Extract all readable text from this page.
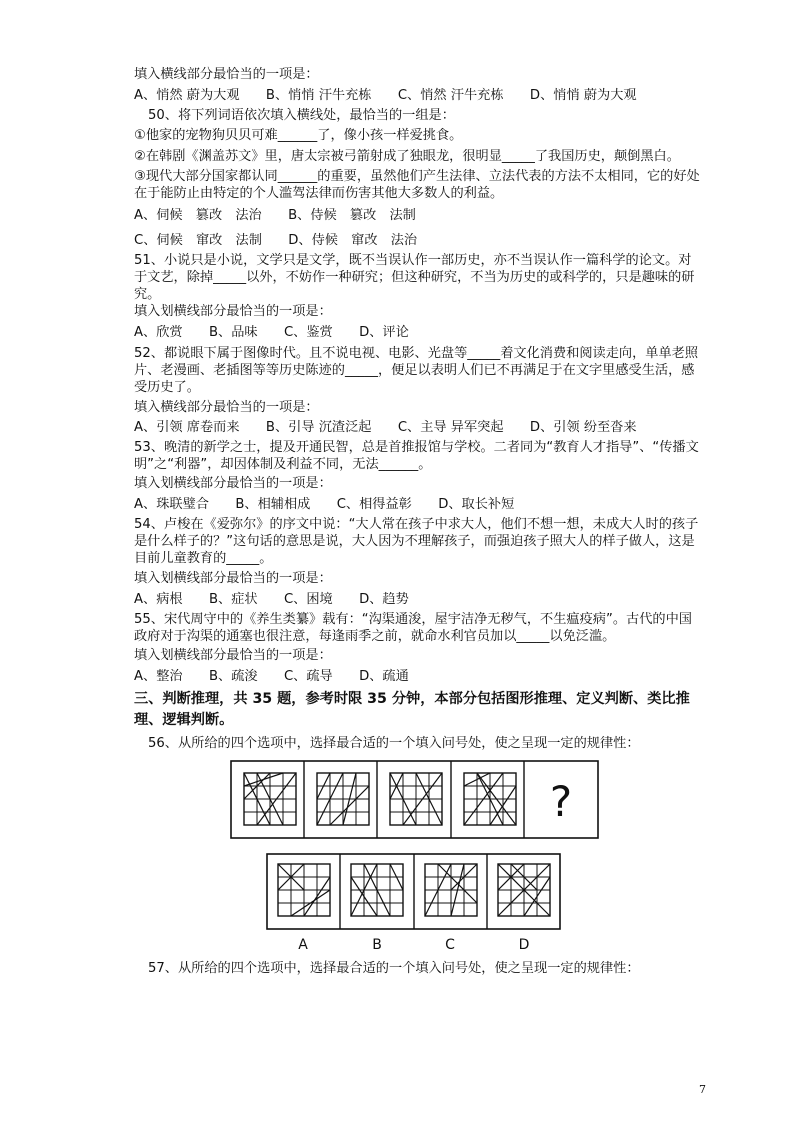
填入横线部分最恰当的一项是：
A、悄然 蔚为大观　　B、悄悄 汗牛充栋　　C、悄然 汗牛充栋　　D、悄悄 蔚为大观
50、将下列词语依次填入横线处，最恰当的一组是：
①他家的宠物狗贝贝可难______了，像小孩一样爱挑食。
②在韩剧《渊盖苏文》里，唐太宗被弓箭射成了独眼龙，很明显_____了我国历史，颠倒黑白。
③现代大部分国家都认同______的重要，虽然他们产生法律、立法代表的方法不太相同，它的好处在于能防止由特定的个人滥驾法律而伤害其他大多数人的利益。
A、伺候　篡改　法治　　B、侍候　篡改　法制
C、伺候　窜改　法制　　D、侍候　窜改　法治
51、小说只是小说，文学只是文学，既不当误认作一部历史，亦不当误认作一篇科学的论文。对于文艺，除掉_____以外，不妨作一种研究；但这种研究，不当为历史的或科学的，只是趣味的研究。
填入划横线部分最恰当的一项是：
A、欣赏　　B、品味　　C、鉴赏　　D、评论
52、都说眼下属于图像时代。且不说电视、电影、光盘等_____着文化消费和阅读走向，单单老照片、老漫画、老插图等等历史陈迹的_____，便足以表明人们已不再满足于在文字里感受生活，感受历史了。
填入横线部分最恰当的一项是：
A、引领 席卷而来　　B、引导 沉渣泛起　　C、主导 异军突起　　D、引领 纷至沓来
53、晚清的新学之士，提及开通民智，总是首推报馆与学校。二者同为“教育人才指导”、“传播文明”之“利器”，却因体制及利益不同，无法______。
填入划横线部分最恰当的一项是：
A、珠联璧合　　B、相辅相成　　C、相得益彰　　D、取长补短
54、卢梭在《爱弥尔》的序文中说：“大人常在孩子中求大人，他们不想一想，未成大人时的孩子是什么样子的？”这句话的意思是说，大人因为不理解孩子，而强迫孩子照大人的样子做人，这是目前儿童教育的_____。
填入划横线部分最恰当的一项是：
A、病根　　B、症状　　C、困境　　D、趋势
55、宋代周守中的《养生类纂》载有：“沟渠通浚，屋宇洁净无秽气，不生瘟疫病”。古代的中国政府对于沟渠的通塞也很注意，每逢雨季之前，就命水利官员加以_____以免泛滥。
填入划横线部分最恰当的一项是：
A、整治　　B、疏浚　　C、疏导　　D、疏通
三、判断推理，共 35 题，参考时限 35 分钟，本部分包括图形推理、定义判断、类比推理、逻辑判断。
56、从所给的四个选项中，选择最合适的一个填入问号处，使之呈现一定的规律性：
57、从所给的四个选项中，选择最合适的一个填入问号处，使之呈现一定的规律性：
?
A	B	C	D
7
